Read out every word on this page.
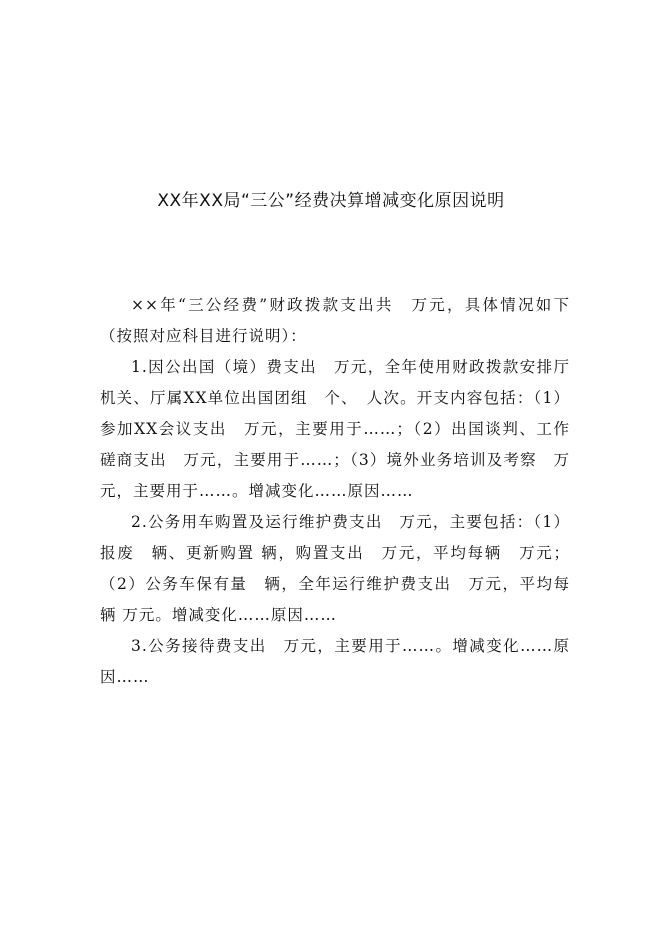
XX年XX局“三公”经费决算增减变化原因说明

××年“三公经费”财政拨款支出共　万元，具体情况如下（按照对应科目进行说明）：

1.因公出国（境）费支出　万元，全年使用财政拨款安排厅机关、厅属XX单位出国团组　个、　人次。开支内容包括：（1）参加XX会议支出　万元，主要用于……；（2）出国谈判、工作磋商支出　万元，主要用于……；（3）境外业务培训及考察　万元，主要用于……。增减变化……原因……

2.公务用车购置及运行维护费支出　万元，主要包括：（1）报废　辆、更新购置 辆，购置支出　万元，平均每辆　万元；（2）公务车保有量　辆，全年运行维护费支出　万元，平均每辆 万元。增减变化……原因……

3.公务接待费支出　万元，主要用于……。增减变化……原因……
